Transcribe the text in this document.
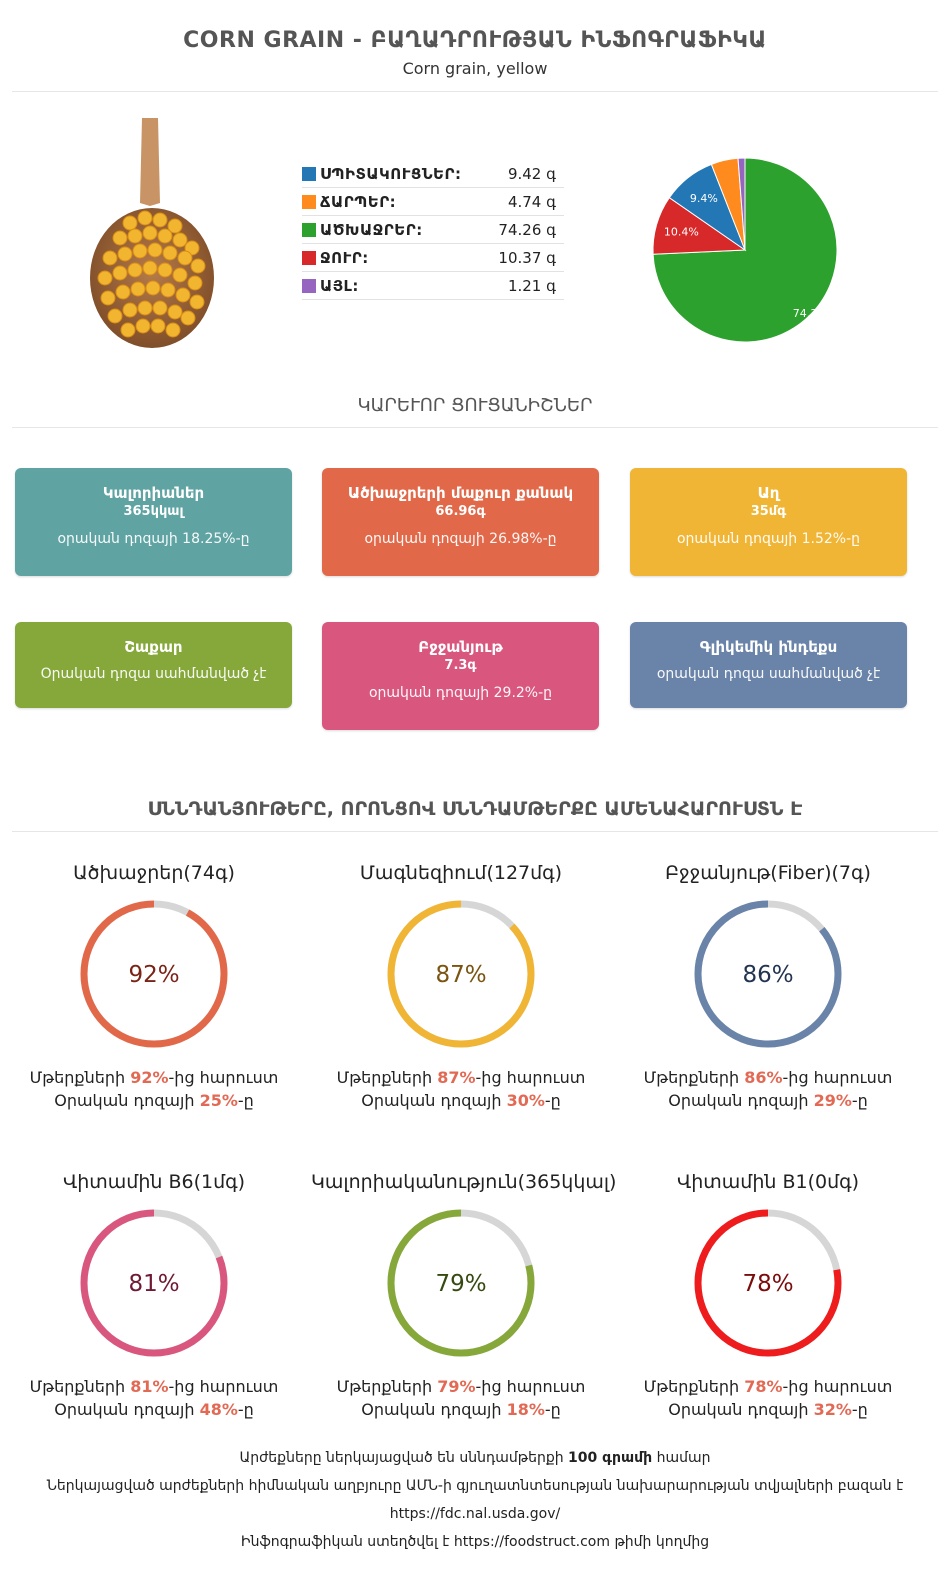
CORN GRAIN - ԲԱՂԱԴՐՈՒԹՅԱՆ ԻՆՖՈԳՐԱՖԻԿԱ
Corn grain, yellow
ՍՊԻՏԱԿՈՒՑՆԵՐ:	9.42 գ
ՃԱՐՊԵՐ:	4.74 գ
ԱԾԽԱՋՐԵՐ:	74.26 գ
ՋՈՒՐ:	10.37 գ
ԱՅԼ:	1.21 գ
74.3%
10.4%
9.4%
ԿԱՐԵՒՈՐ ՑՈՒՑԱՆԻՇՆԵՐ
Կալորիաներ
365կկալ
օրական դոզայի 18.25%-ը
Ածխաջրերի մաքուր քանակ
66.96գ
օրական դոզայի 26.98%-ը
Աղ
35մգ
օրական դոզայի 1.52%-ը
Շաքար
Օրական դոզա սահմանված չէ
Բջջանյութ
7.3գ
օրական դոզայի 29.2%-ը
Գլիկեմիկ ինդեքս
օրական դոզա սահմանված չէ
ՍՆՆԴԱՆՅՈՒԹԵՐԸ, ՈՐՈՆՑՈՎ ՍՆՆԴԱՄԹԵՐՔԸ ԱՄԵՆԱՀԱՐՈՒՍՏՆ Է
Ածխաջրեր(74գ)
92%
Մթերքների 92%-ից հարուստ
Օրական դոզայի 25%-ը
Մագնեզիում(127մգ)
87%
Մթերքների 87%-ից հարուստ
Օրական դոզայի 30%-ը
Բջջանյութ(Fiber)(7գ)
86%
Մթերքների 86%-ից հարուստ
Օրական դոզայի 29%-ը
Վիտամին B6(1մգ)
81%
Մթերքների 81%-ից հարուստ
Օրական դոզայի 48%-ը
Կալորիականություն(365կկալ)
79%
Մթերքների 79%-ից հարուստ
Օրական դոզայի 18%-ը
Վիտամին B1(0մգ)
78%
Մթերքների 78%-ից հարուստ
Օրական դոզայի 32%-ը
Արժեքները ներկայացված են սննդամթերքի 100 գրամի համար
Ներկայացված արժեքների հիմնական աղբյուրը ԱՄՆ-ի գյուղատնտեսության նախարարության տվյալների բազան է
https://fdc.nal.usda.gov/
Ինֆոգրաֆիկան ստեղծվել է https://foodstruct.com թիմի կողմից
